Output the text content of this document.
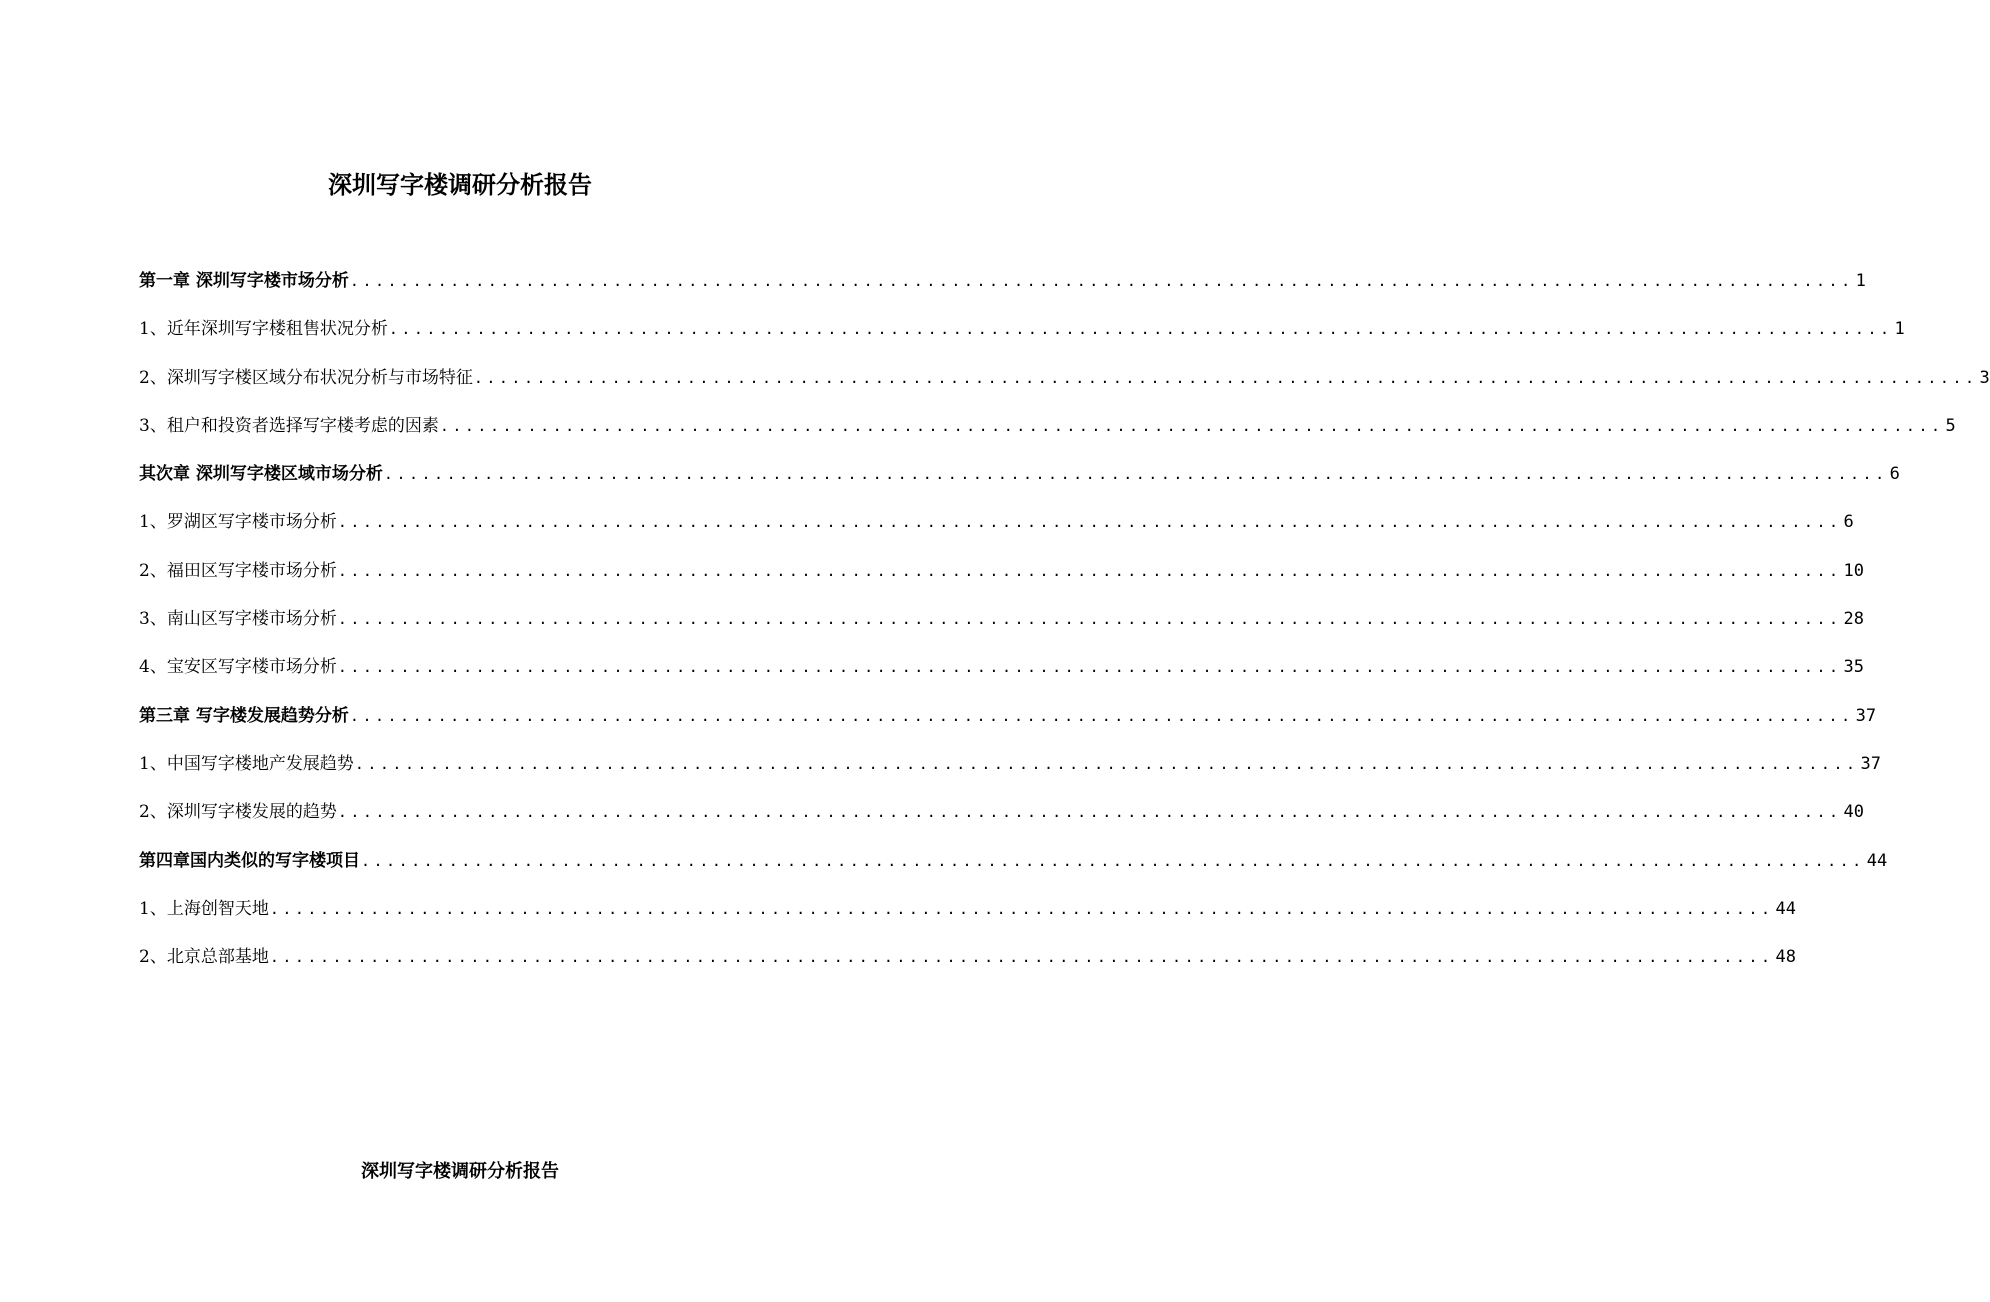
深圳写字楼调研分析报告
第一章 深圳写字楼市场分析 ........................................................................................................................ 1
1、近年深圳写字楼租售状况分析 ........................................................................................................................ 1
2、深圳写字楼区域分布状况分析与市场特征 ........................................................................................................................ 3
3、租户和投资者选择写字楼考虑的因素 ........................................................................................................................ 5
其次章 深圳写字楼区域市场分析 ........................................................................................................................ 6
1、罗湖区写字楼市场分析 ........................................................................................................................ 6
2、福田区写字楼市场分析 ........................................................................................................................ 10
3、南山区写字楼市场分析 ........................................................................................................................ 28
4、宝安区写字楼市场分析 ........................................................................................................................ 35
第三章 写字楼发展趋势分析 ........................................................................................................................ 37
1、中国写字楼地产发展趋势 ........................................................................................................................ 37
2、深圳写字楼发展的趋势 ........................................................................................................................ 40
第四章国内类似的写字楼项目 ........................................................................................................................ 44
1、上海创智天地 ........................................................................................................................ 44
2、北京总部基地 ........................................................................................................................ 48
深圳写字楼调研分析报告
